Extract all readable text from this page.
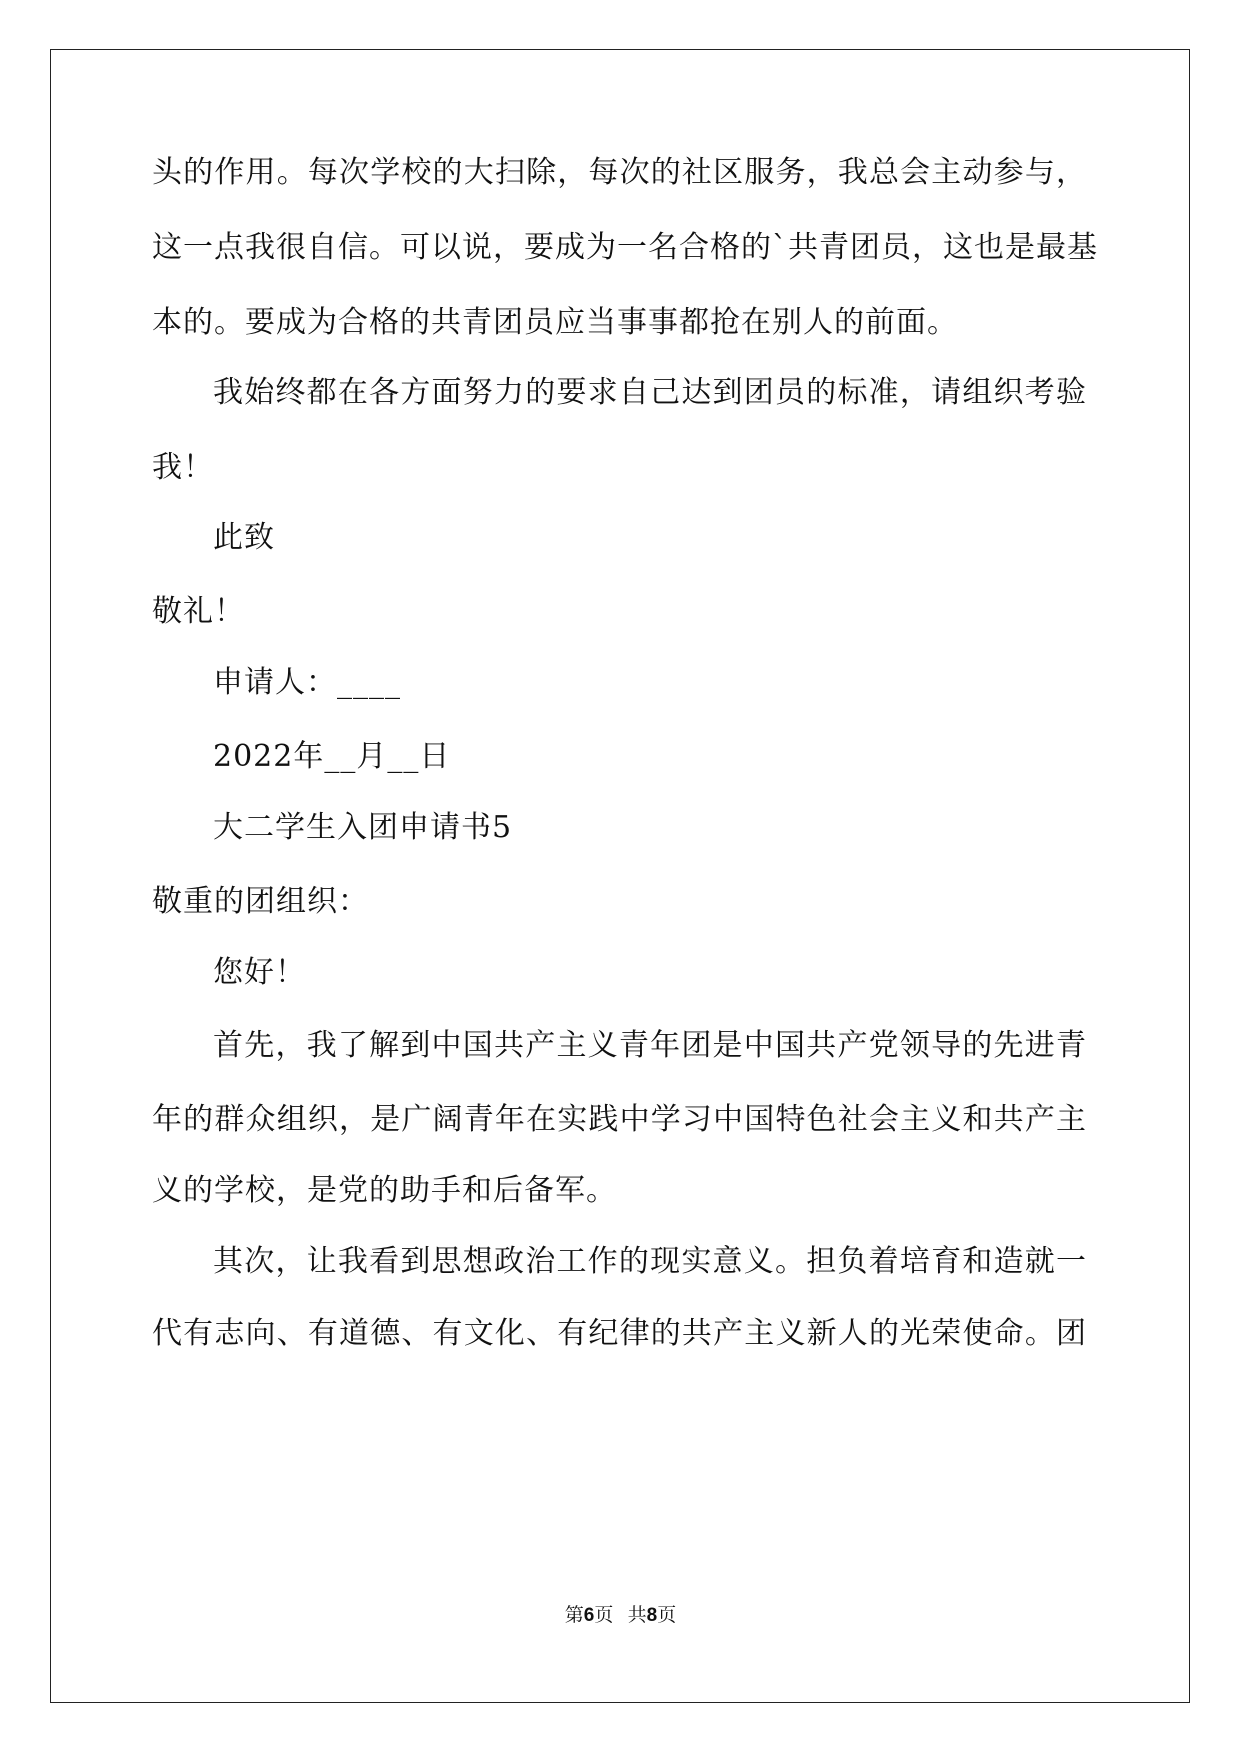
头的作用。每次学校的大扫除，每次的社区服务，我总会主动参与，
这一点我很自信。可以说，要成为一名合格的`共青团员，这也是最基
本的。要成为合格的共青团员应当事事都抢在别人的前面。
我始终都在各方面努力的要求自己达到团员的标准，请组织考验
我！
此致
敬礼！
申请人：____
2022年__月__日
大二学生入团申请书5
敬重的团组织：
您好！
首先，我了解到中国共产主义青年团是中国共产党领导的先进青
年的群众组织，是广阔青年在实践中学习中国特色社会主义和共产主
义的学校，是党的助手和后备军。
其次，让我看到思想政治工作的现实意义。担负着培育和造就一
代有志向、有道德、有文化、有纪律的共产主义新人的光荣使命。团
第6页 共8页
